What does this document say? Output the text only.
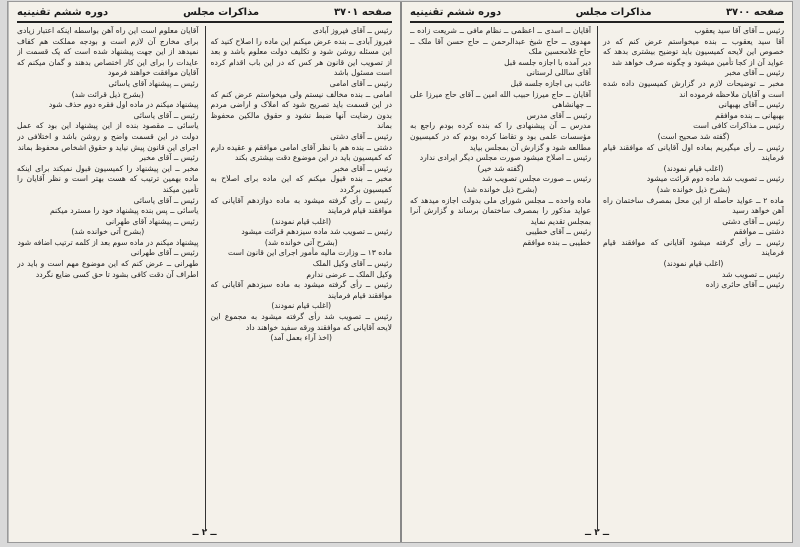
صفحه ۳۷۰۱
مذاکرات مجلس
دوره ششم تقنینیه

رئیس ــ آقای فیروز آبادی

فیروز آبادی ــ بنده عرض میکنم این ماده را اصلاح کنید که این مسئله روشن شود و تکلیف دولت معلوم باشد و بعد از تصویب این قانون هر کس که در این باب اقدام کرده است مسئول باشد

رئیس ــ آقای امامی

امامی ــ بنده مخالف نیستم ولی میخواستم عرض کنم که در این قسمت باید تصریح شود که املاک و اراضی مردم بدون رضایت آنها ضبط نشود و حقوق مالکین محفوظ بماند

رئیس ــ آقای دشتی

دشتی ــ بنده هم با نظر آقای امامی موافقم و عقیده دارم که کمیسیون باید در این موضوع دقت بیشتری بکند

رئیس ــ آقای مخبر

مخبر ــ بنده قبول میکنم که این ماده برای اصلاح به کمیسیون برگردد

رئیس ــ رأی گرفته میشود به ماده دوازدهم آقایانی که موافقند قیام فرمایند

(اغلب قیام نمودند)

رئیس ــ تصویب شد ماده سیزدهم قرائت میشود

(بشرح آتی خوانده شد)

ماده ۱۳ ــ وزارت مالیه مأمور اجرای این قانون است

رئیس ــ آقای وکیل الملک

وکیل الملک ــ عرضی ندارم

رئیس ــ رأی گرفته میشود به ماده سیزدهم آقایانی که موافقند قیام فرمایند

(اغلب قیام نمودند)

رئیس ــ تصویب شد رأی گرفته میشود به مجموع این لایحه آقایانی که موافقند ورقه سفید خواهند داد

(اخذ آراء بعمل آمد)

آقایان معلوم است این راه آهن بواسطه اینکه اعتبار زیادی برای مخارج آن لازم است و بودجه مملکت هم کفاف نمیدهد از این جهت پیشنهاد شده است که یک قسمت از عایدات را برای این کار اختصاص بدهند و گمان میکنم که آقایان موافقت خواهند فرمود

رئیس ــ پیشنهاد آقای یاسائی

(بشرح ذیل قرائت شد)

پیشنهاد میکنم در ماده اول فقره دوم حذف شود

رئیس ــ آقای یاسائی

یاسائی ــ مقصود بنده از این پیشنهاد این بود که عمل دولت در این قسمت واضح و روشن باشد و اختلافی در اجرای این قانون پیش نیاید و حقوق اشخاص محفوظ بماند

رئیس ــ آقای مخبر

مخبر ــ این پیشنهاد را کمیسیون قبول نمیکند برای اینکه ماده بهمین ترتیب که هست بهتر است و نظر آقایان را تأمین میکند

رئیس ــ آقای یاسائی

یاسائی ــ پس بنده پیشنهاد خود را مسترد میکنم

رئیس ــ پیشنهاد آقای طهرانی

(بشرح آتی خوانده شد)

پیشنهاد میکنم در ماده سوم بعد از کلمه ترتیب اضافه شود

رئیس ــ آقای طهرانی

طهرانی ــ عرض کنم که این موضوع مهم است و باید در اطراف آن دقت کافی بشود تا حق کسی ضایع نگردد

ــ ۲ ــ
صفحه ۳۷۰۰
مذاکرات مجلس
دوره ششم تقنینیه

رئیس ــ آقای آقا سید یعقوب

آقا سید یعقوب ــ بنده میخواستم عرض کنم که در خصوص این لایحه کمیسیون باید توضیح بیشتری بدهد که عواید آن از کجا تأمین میشود و چگونه صرف خواهد شد

رئیس ــ آقای مخبر

مخبر ــ توضیحات لازم در گزارش کمیسیون داده شده است و آقایان ملاحظه فرموده اند

رئیس ــ آقای بهبهانی

بهبهانی ــ بنده موافقم

رئیس ــ مذاکرات کافی است

(گفته شد صحیح است)

رئیس ــ رأی میگیریم بماده اول آقایانی که موافقند قیام فرمایند

(اغلب قیام نمودند)

رئیس ــ تصویب شد ماده دوم قرائت میشود

(بشرح ذیل خوانده شد)

ماده ۲ ــ عواید حاصله از این محل بمصرف ساختمان راه آهن خواهد رسید

رئیس ــ آقای دشتی

دشتی ــ موافقم

رئیس ــ رأی گرفته میشود آقایانی که موافقند قیام فرمایند

(اغلب قیام نمودند)

رئیس ــ تصویب شد

رئیس ــ آقای حائری زاده

آقایان ــ اسدی ــ اعظمی ــ نظام مافی ــ شریعت زاده ــ مهدوی ــ حاج شیخ عبدالرحمن ــ حاج حسن آقا ملک ــ حاج غلامحسین ملک

دیر آمده با اجازه جلسه قبل

آقای ساللی لرستانی

غائب بی اجازه جلسه قبل

آقایان ــ حاج میرزا حبیب الله امین ــ آقای حاج میرزا علی ــ جهانشاهی

رئیس ــ آقای مدرس

مدرس ــ آن پیشنهادی را که بنده کرده بودم راجع به مؤسسات علمی بود و تقاضا کرده بودم که در کمیسیون مطالعه شود و گزارش آن بمجلس بیاید

رئیس ــ اصلاح میشود صورت مجلس دیگر ایرادی ندارد

(گفته شد خیر)

رئیس ــ صورت مجلس تصویب شد

(بشرح ذیل خوانده شد)

ماده واحده ــ مجلس شورای ملی بدولت اجازه میدهد که عواید مذکور را بمصرف ساختمان برساند و گزارش آنرا بمجلس تقدیم نماید

رئیس ــ آقای خطیبی

خطیبی ــ بنده موافقم

ــ ۲ ــ
